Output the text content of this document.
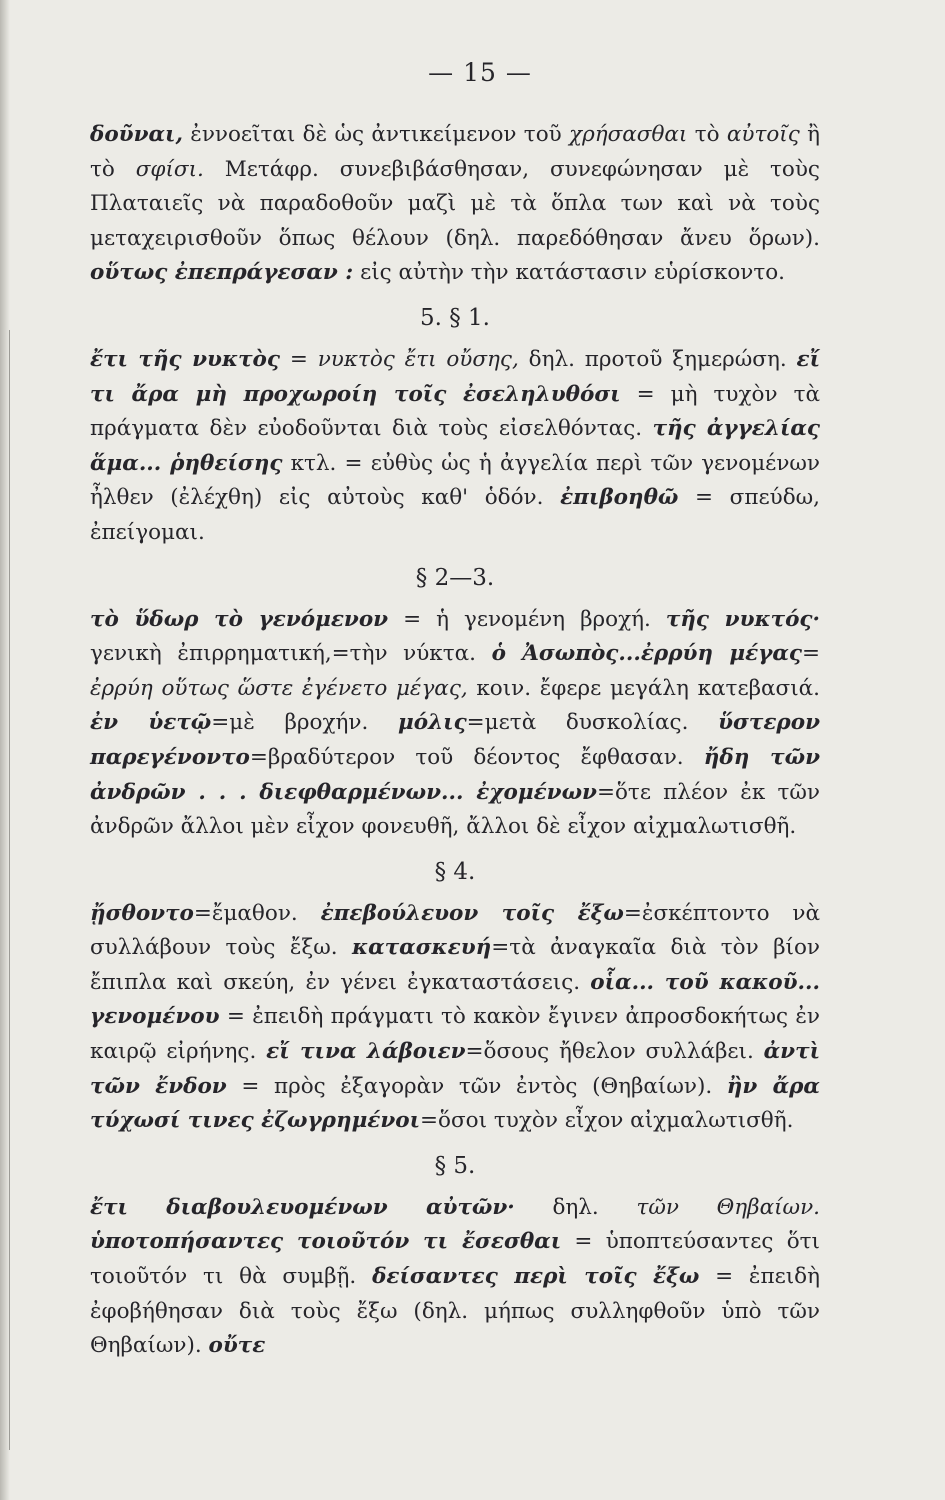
— 15 —

δοῦναι, ἐννοεῖται δὲ ὡς ἀντικείμενον τοῦ χρήσασθαι τὸ αὐτοῖς ἢ τὸ σφίσι. Μετάφρ. συνεβιβάσθησαν, συνεφώνησαν μὲ τοὺς Πλαταιεῖς νὰ παραδοθοῦν μαζὶ μὲ τὰ ὅπλα των καὶ νὰ τοὺς μεταχειρισθοῦν ὅπως θέλουν (δηλ. παρεδόθησαν ἄνευ ὅρων). οὕτως ἐπεπράγεσαν : εἰς αὐτὴν τὴν κατάστασιν εὑρίσκοντο.

5. § 1.

ἔτι τῆς νυκτὸς = νυκτὸς ἔτι οὔσης, δηλ. προτοῦ ξημερώση. εἴ τι ἄρα μὴ προχωροίη τοῖς ἐσεληλυθόσι = μὴ τυχὸν τὰ πράγματα δὲν εὐοδοῦνται διὰ τοὺς εἰσελθόντας. τῆς ἀγγελίας ἅμα... ῥηθείσης κτλ. = εὐθὺς ὡς ἡ ἀγγελία περὶ τῶν γενομένων ἦλθεν (ἐλέχθη) εἰς αὐτοὺς καθ' ὁδόν. ἐπιβοηθῶ = σπεύδω, ἐπείγομαι.

§ 2—3.

τὸ ὕδωρ τὸ γενόμενον = ἡ γενομένη βροχή. τῆς νυκτός· γενικὴ ἐπιρρηματική,=τὴν νύκτα. ὁ Ἀσωπὸς...ἐρρύη μέγας= ἐρρύη οὕτως ὥστε ἐγένετο μέγας, κοιν. ἔφερε μεγάλη κατεβασιά. ἐν ὑετῷ=μὲ βροχήν. μόλις=μετὰ δυσκολίας. ὕστερον παρεγένοντο=βραδύτερον τοῦ δέοντος ἔφθασαν. ἤδη τῶν ἀνδρῶν . . . διεφθαρμένων... ἐχομένων=ὅτε πλέον ἐκ τῶν ἀνδρῶν ἄλλοι μὲν εἶχον φονευθῆ, ἄλλοι δὲ εἶχον αἰχμαλωτισθῆ.

§ 4.

ᾔσθοντο=ἔμαθον. ἐπεβούλευον τοῖς ἔξω=ἐσκέπτοντο νὰ συλλάβουν τοὺς ἔξω. κατασκευή=τὰ ἀναγκαῖα διὰ τὸν βίον ἔπιπλα καὶ σκεύη, ἐν γένει ἐγκαταστάσεις. οἷα... τοῦ κακοῦ... γενομένου = ἐπειδὴ πράγματι τὸ κακὸν ἔγινεν ἀπροσδοκήτως ἐν καιρῷ εἰρήνης. εἴ τινα λάβοιεν=ὅσους ἤθελον συλλάβει. ἀντὶ τῶν ἔνδον = πρὸς ἐξαγορὰν τῶν ἐντὸς (Θηβαίων). ἢν ἄρα τύχωσί τινες ἐζωγρημένοι=ὅσοι τυχὸν εἶχον αἰχμαλωτισθῆ.

§ 5.

ἔτι διαβουλευομένων αὐτῶν· δηλ. τῶν Θηβαίων. ὑποτοπήσαντες τοιοῦτόν τι ἔσεσθαι = ὑποπτεύσαντες ὅτι τοιοῦτόν τι θὰ συμβῇ. δείσαντες περὶ τοῖς ἔξω = ἐπειδὴ ἐφοβήθησαν διὰ τοὺς ἔξω (δηλ. μήπως συλληφθοῦν ὑπὸ τῶν Θηβαίων). οὔτε
